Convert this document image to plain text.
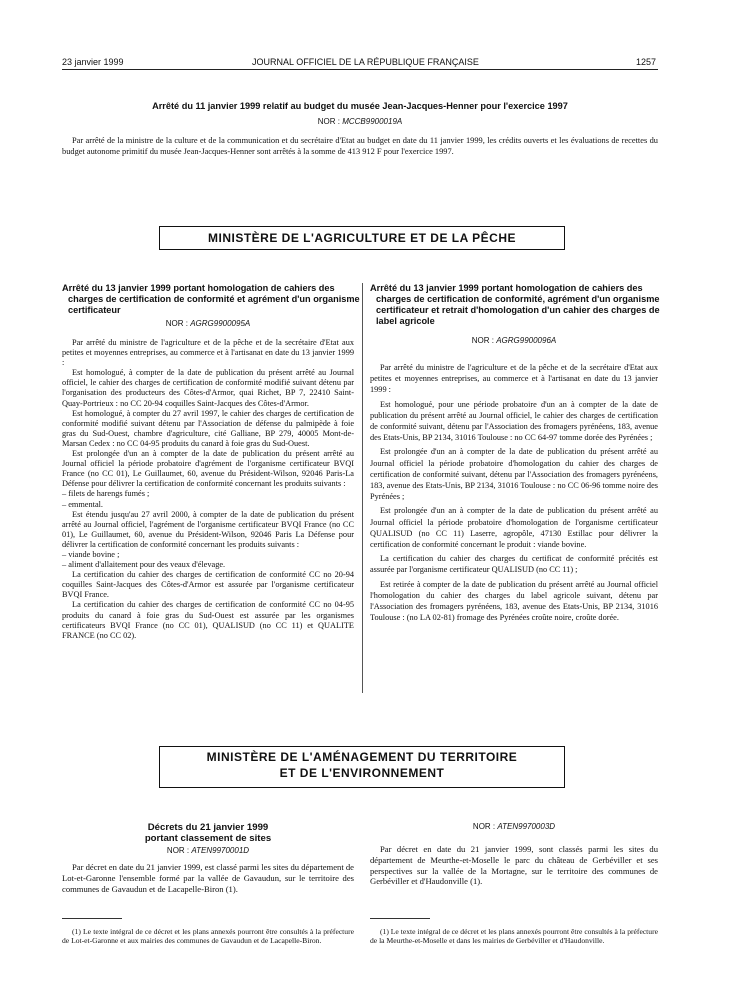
23 janvier 1999	JOURNAL OFFICIEL DE LA RÉPUBLIQUE FRANÇAISE	1257
Arrêté du 11 janvier 1999 relatif au budget du musée Jean-Jacques-Henner pour l'exercice 1997
NOR : MCCB9900019A

Par arrêté de la ministre de la culture et de la communication et du secrétaire d'Etat au budget en date du 11 janvier 1999, les crédits ouverts et les évaluations de recettes du budget autonome primitif du musée Jean-Jacques-Henner sont arrêtés à la somme de 413 912 F pour l'exercice 1997.

MINISTÈRE DE L'AGRICULTURE ET DE LA PÊCHE
Arrêté du 13 janvier 1999 portant homologation de cahiers des charges de certification de conformité et agrément d'un organisme certificateur
NOR : AGRG9900095A

Par arrêté du ministre de l'agriculture et de la pêche et de la secrétaire d'Etat aux petites et moyennes entreprises, au commerce et à l'artisanat en date du 13 janvier 1999 :

Est homologué, à compter de la date de publication du présent arrêté au Journal officiel, le cahier des charges de certification de conformité modifié suivant détenu par l'organisation des producteurs des Côtes-d'Armor, quai Richet, BP 7, 22410 Saint-Quay-Portrieux : no CC 20-94 coquilles Saint-Jacques des Côtes-d'Armor.

Est homologué, à compter du 27 avril 1997, le cahier des charges de certification de conformité modifié suivant détenu par l'Association de défense du palmipède à foie gras du Sud-Ouest, chambre d'agriculture, cité Galliane, BP 279, 40005 Mont-de-Marsan Cedex : no CC 04-95 produits du canard à foie gras du Sud-Ouest.

Est prolongée d'un an à compter de la date de publication du présent arrêté au Journal officiel la période probatoire d'agrément de l'organisme certificateur BVQI France (no CC 01), Le Guillaumet, 60, avenue du Président-Wilson, 92046 Paris-La Défense pour délivrer la certification de conformité concernant les produits suivants :

– filets de harengs fumés ;

– emmental.

Est étendu jusqu'au 27 avril 2000, à compter de la date de publication du présent arrêté au Journal officiel, l'agrément de l'organisme certificateur BVQI France (no CC 01), Le Guillaumet, 60, avenue du Président-Wilson, 92046 Paris La Défense pour délivrer la certification de conformité concernant les produits suivants :

– viande bovine ;

– aliment d'allaitement pour des veaux d'élevage.

La certification du cahier des charges de certification de conformité CC no 20-94 coquilles Saint-Jacques des Côtes-d'Armor est assurée par l'organisme certificateur BVQI France.

La certification du cahier des charges de certification de conformité CC no 04-95 produits du canard à foie gras du Sud-Ouest est assurée par les organismes certificateurs BVQI France (no CC 01), QUALISUD (no CC 11) et QUALITE FRANCE (no CC 02).

Arrêté du 13 janvier 1999 portant homologation de cahiers des charges de certification de conformité, agrément d'un organisme certificateur et retrait d'homologation d'un cahier des charges de label agricole
NOR : AGRG9900096A

Par arrêté du ministre de l'agriculture et de la pêche et de la secrétaire d'Etat aux petites et moyennes entreprises, au commerce et à l'artisanat en date du 13 janvier 1999 :

Est homologué, pour une période probatoire d'un an à compter de la date de publication du présent arrêté au Journal officiel, le cahier des charges de certification de conformité suivant, détenu par l'Association des fromagers pyrénéens, 183, avenue des Etats-Unis, BP 2134, 31016 Toulouse : no CC 64-97 tomme dorée des Pyrénées ;

Est prolongée d'un an à compter de la date de publication du présent arrêté au Journal officiel la période probatoire d'homologation du cahier des charges de certification de conformité suivant, détenu par l'Association des fromagers pyrénéens, 183, avenue des Etats-Unis, BP 2134, 31016 Toulouse : no CC 06-96 tomme noire des Pyrénées ;

Est prolongée d'un an à compter de la date de publication du présent arrêté au Journal officiel la période probatoire d'homologation de l'organisme certificateur QUALISUD (no CC 11) Laserre, agropôle, 47130 Estillac pour délivrer la certification de conformité concernant le produit : viande bovine.

La certification du cahier des charges du certificat de conformité précités est assurée par l'organisme certificateur QUALISUD (no CC 11) ;

Est retirée à compter de la date de publication du présent arrêté au Journal officiel l'homologation du cahier des charges du label agricole suivant, détenu par l'Association des fromagers pyrénéens, 183, avenue des Etats-Unis, BP 2134, 31016 Toulouse : (no LA 02-81) fromage des Pyrénées croûte noire, croûte dorée.

MINISTÈRE DE L'AMÉNAGEMENT DU TERRITOIRE
ET DE L'ENVIRONNEMENT
Décrets du 21 janvier 1999
portant classement de sites
NOR : ATEN9970001D

Par décret en date du 21 janvier 1999, est classé parmi les sites du département de Lot-et-Garonne l'ensemble formé par la vallée de Gavaudun, sur le territoire des communes de Gavaudun et de Lacapelle-Biron (1).

(1) Le texte intégral de ce décret et les plans annexés pourront être consultés à la préfecture de Lot-et-Garonne et aux mairies des communes de Gavaudun et de Lacapelle-Biron.

NOR : ATEN9970003D

Par décret en date du 21 janvier 1999, sont classés parmi les sites du département de Meurthe-et-Moselle le parc du château de Gerbéviller et ses perspectives sur la vallée de la Mortagne, sur le territoire des communes de Gerbéviller et d'Haudonville (1).

(1) Le texte intégral de ce décret et les plans annexés pourront être consultés à la préfecture de la Meurthe-et-Moselle et dans les mairies de Gerbéviller et d'Haudonville.
